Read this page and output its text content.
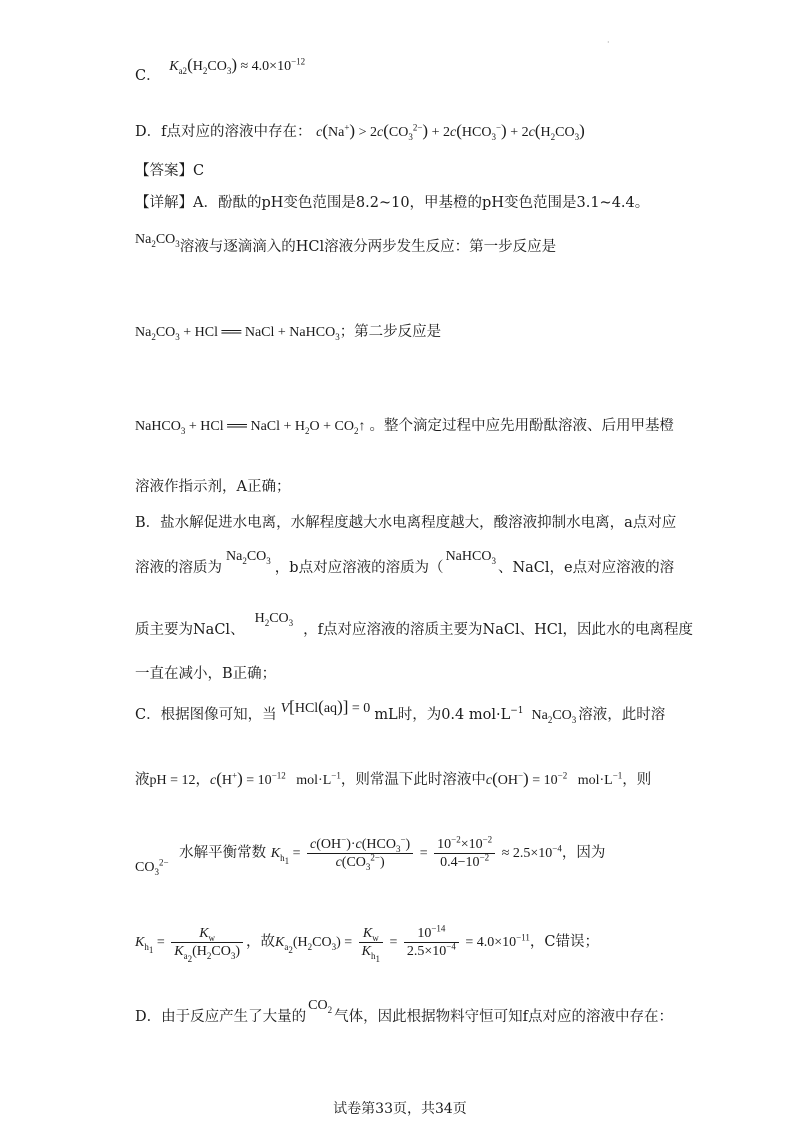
·
C． $K_{a2}(H_2CO_3) \approx 4.0\times 10^{-12}$
D．f点对应的溶液中存在： $c(Na^+) > 2c(CO_3^{2-}) + 2c(HCO_3^-) + 2c(H_2CO_3)$
【答案】C
【详解】A．酚酞的pH变色范围是8.2~10，甲基橙的pH变色范围是3.1~4.4。
$Na_2CO_3$溶液与逐滴滴入的HCl溶液分两步发生反应：第一步反应是
$Na_2CO_3$ + HCl ══ NaCl + NaHCO$_3$；第二步反应是
NaHCO$_3$ + HCl ══ NaCl + $H_2O$ + $CO_2↑$ 。整个滴定过程中应先用酚酞溶液、后用甲基橙
溶液作指示剂，A正确；
B．盐水解促进水电离，水解程度越大水电离程度越大，酸溶液抑制水电离，a点对应
溶液的溶质为$Na_2CO_3$ ，b点对应溶液的溶质为（NaHCO$_3$ 、NaCl，e点对应溶液的溶
质主要为NaCl、$H_2CO_3$ ，f点对应溶液的溶质主要为NaCl、HCl，因此水的电离程度
一直在减小，B正确；
C．根据图像可知，当 V[HCl(aq)] = 0 mL时，为0.4 $mol\cdot L^{-1}$ $Na_2CO_3$ 溶液，此时溶
液pH = 12，$c(H^+) = 10^{-12}$   $mol\cdot L^{-1}$，则常温下此时溶液中$c(OH^-) = 10^{-2}$   $mol\cdot L^{-1}$，则
$CO_3^{2-}$ 水解平衡常数 $K_{h_1} = \frac{c(OH^-)\cdot c(HCO_3^-)}{c(CO_3^{2-})} = \frac{10^{-2}\times 10^{-2}}{0.4-10^{-2}} \approx 2.5\times 10^{-4}$，因为
$K_{h_1} = \frac{K_w}{K_{a_2}(H_2CO_3)}$ ，故$K_{a_2}(H_2CO_3) = \frac{K_w}{K_{h_1}} = \frac{10^{-14}}{2.5\times 10^{-4}} = 4.0\times 10^{-11}$，C错误；
D．由于反应产生了大量的$CO_2$ 气体，因此根据物料守恒可知f点对应的溶液中存在：
试卷第33页，共34页
